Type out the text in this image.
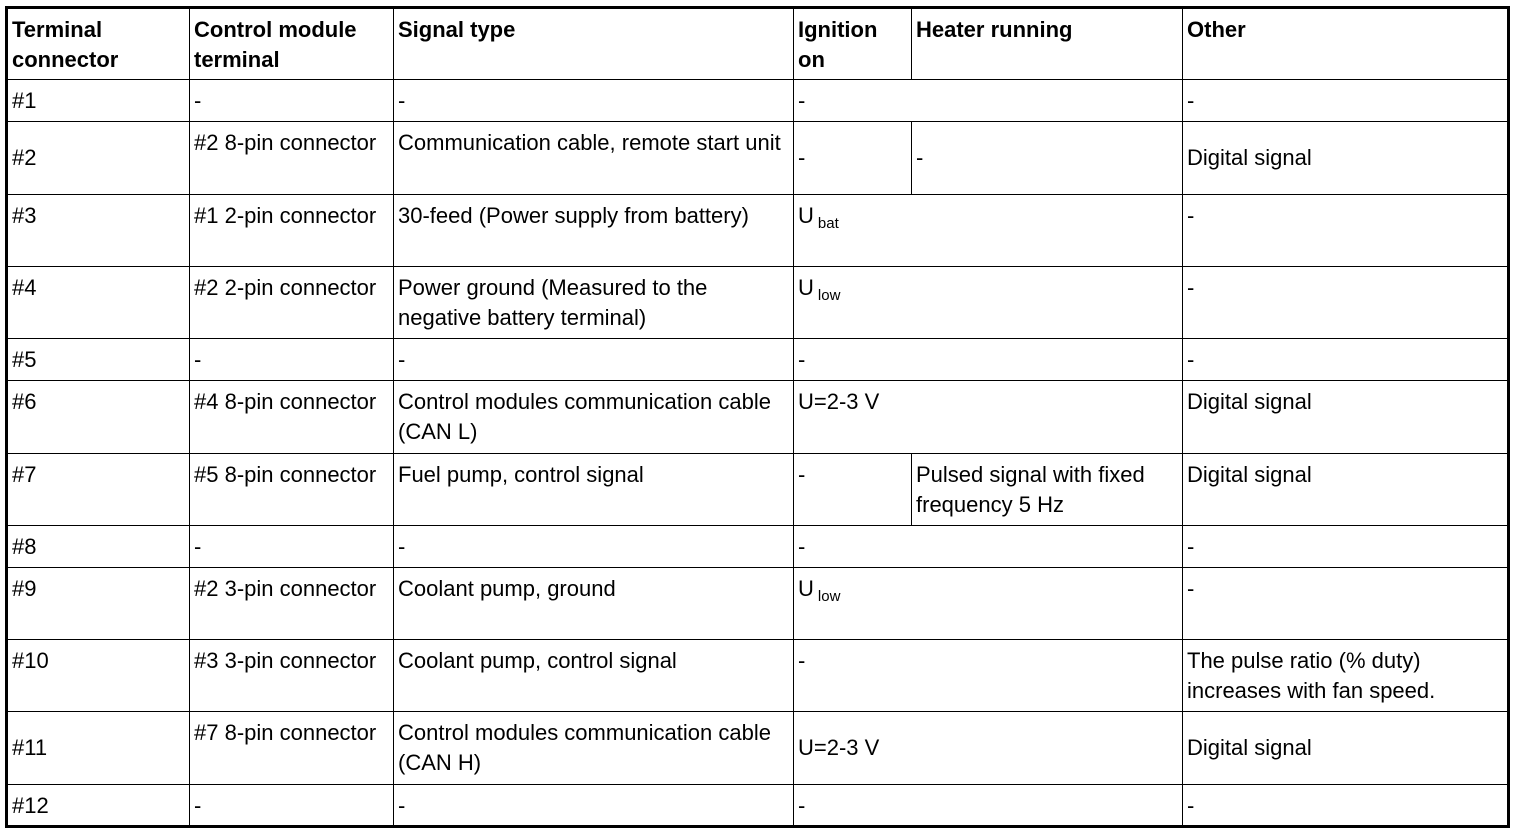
Terminal connector	Control module terminal	Signal type	Ignition on	Heater running	Other
#1	-	-	-		-
#2	#2 8-pin connector	Communication cable, remote start unit	-	-	Digital signal
#3	#1 2-pin connector	30-feed (Power supply from battery)	U $_{bat}$		-
#4	#2 2-pin connector	Power ground (Measured to the negative battery terminal)	U $_{low}$		-
#5	-	-	-		-
#6	#4 8-pin connector	Control modules communication cable (CAN L)	U=2-3 V		Digital signal
#7	#5 8-pin connector	Fuel pump, control signal	-	Pulsed signal with fixed frequency 5 Hz	Digital signal
#8	-	-	-		-
#9	#2 3-pin connector	Coolant pump, ground	U $_{low}$		-
#10	#3 3-pin connector	Coolant pump, control signal	-		The pulse ratio (% duty) increases with fan speed.
#11	#7 8-pin connector	Control modules communication cable (CAN H)	U=2-3 V		Digital signal
#12	-	-	-		-
